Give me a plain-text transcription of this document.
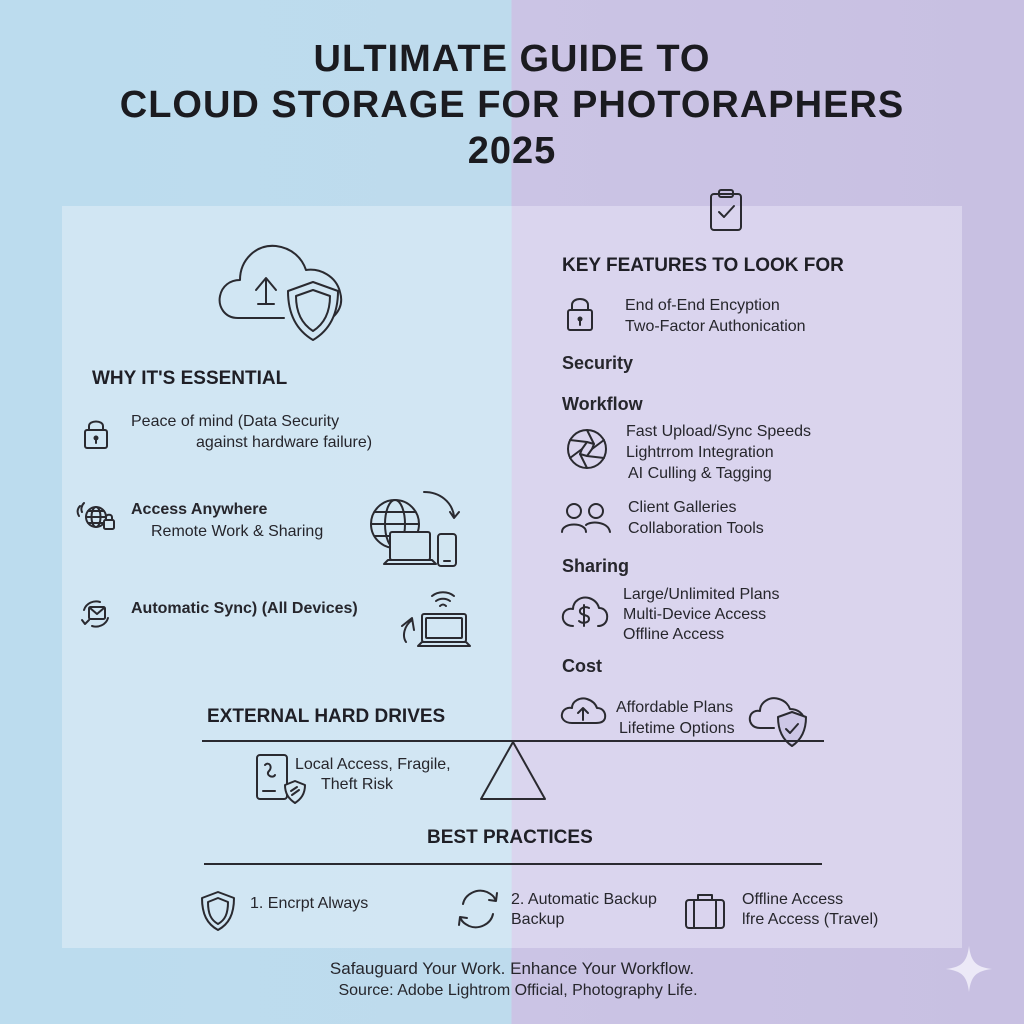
ULTIMATE GUIDE TO
CLOUD STORAGE FOR PHOTORAPHERS
2025
WHY IT'S ESSENTIAL
Peace of mind (Data Security
against hardware failure)
Access Anywhere
Remote Work & Sharing
Automatic Sync) (All Devices)
KEY FEATURES TO LOOK FOR
End of-End Encyption
Two-Factor Authonication
Security
Workflow
Fast Upload/Sync Speeds
Lightrrom Integration
AI Culling & Tagging
Client Galleries
Collaboration Tools
Sharing
Large/Unlimited Plans
Multi-Device Access
Offline Access
Cost
Affordable Plans
Lifetime Options
EXTERNAL HARD DRIVES
Local Access, Fragile,
Theft Risk
BEST PRACTICES
1. Encrpt Always	2. Automatic Backup
Backup
Offline Access
lfre Access (Travel)
Safauguard Your Work. Enhance Your Workflow.
Source: Adobe Lightrom Official, Photography Life.
